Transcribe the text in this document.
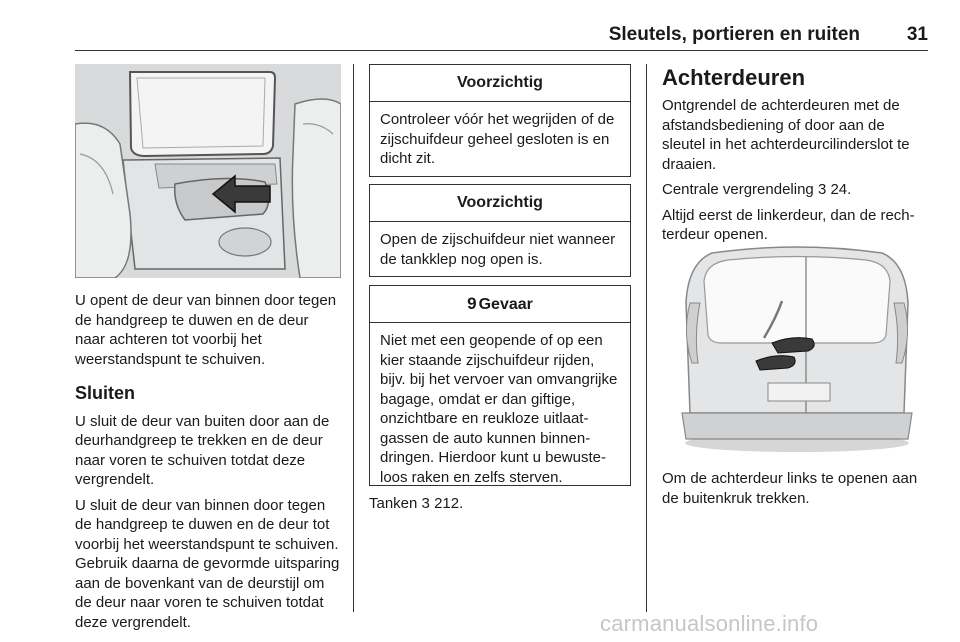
Sleutels, portieren en ruiten	31

U opent de deur van binnen door tegen de handgreep te duwen en de deur naar achteren tot voorbij het weerstandspunt te schuiven.

Sluiten

U sluit de deur van buiten door aan de deurhandgreep te trekken en de deur naar voren te schuiven totdat deze vergrendelt.

U sluit de deur van binnen door tegen de handgreep te duwen en de deur tot voorbij het weerstandspunt te schuiven. Gebruik daarna de gevormde uitsparing aan de bovenkant van de deurstijl om de deur naar voren te schuiven totdat deze vergrendelt.

Voorzichtig
Controleer vóór het wegrijden of de zijschuifdeur geheel gesloten is en dicht zit.
Voorzichtig
Open de zijschuifdeur niet wanneer de tankklep nog open is.
9 Gevaar
Niet met een geopende of op een kier staande zijschuifdeur rijden, bijv. bij het vervoer van omvangrijke bagage, omdat er dan giftige, onzichtbare en reukloze uitlaatgassen de auto kunnen binnendringen. Hierdoor kunt u bewusteloos raken en zelfs sterven.
Tanken 3 212.
Achterdeuren

Ontgrendel de achterdeuren met de afstandsbediening of door aan de sleutel in het achterdeurcilinderslot te draaien.

Centrale vergrendeling 3 24.

Altijd eerst de linkerdeur, dan de rechterdeur openen.

Om de achterdeur links te openen aan de buitenkruk trekken.
carmanualsonline.info
